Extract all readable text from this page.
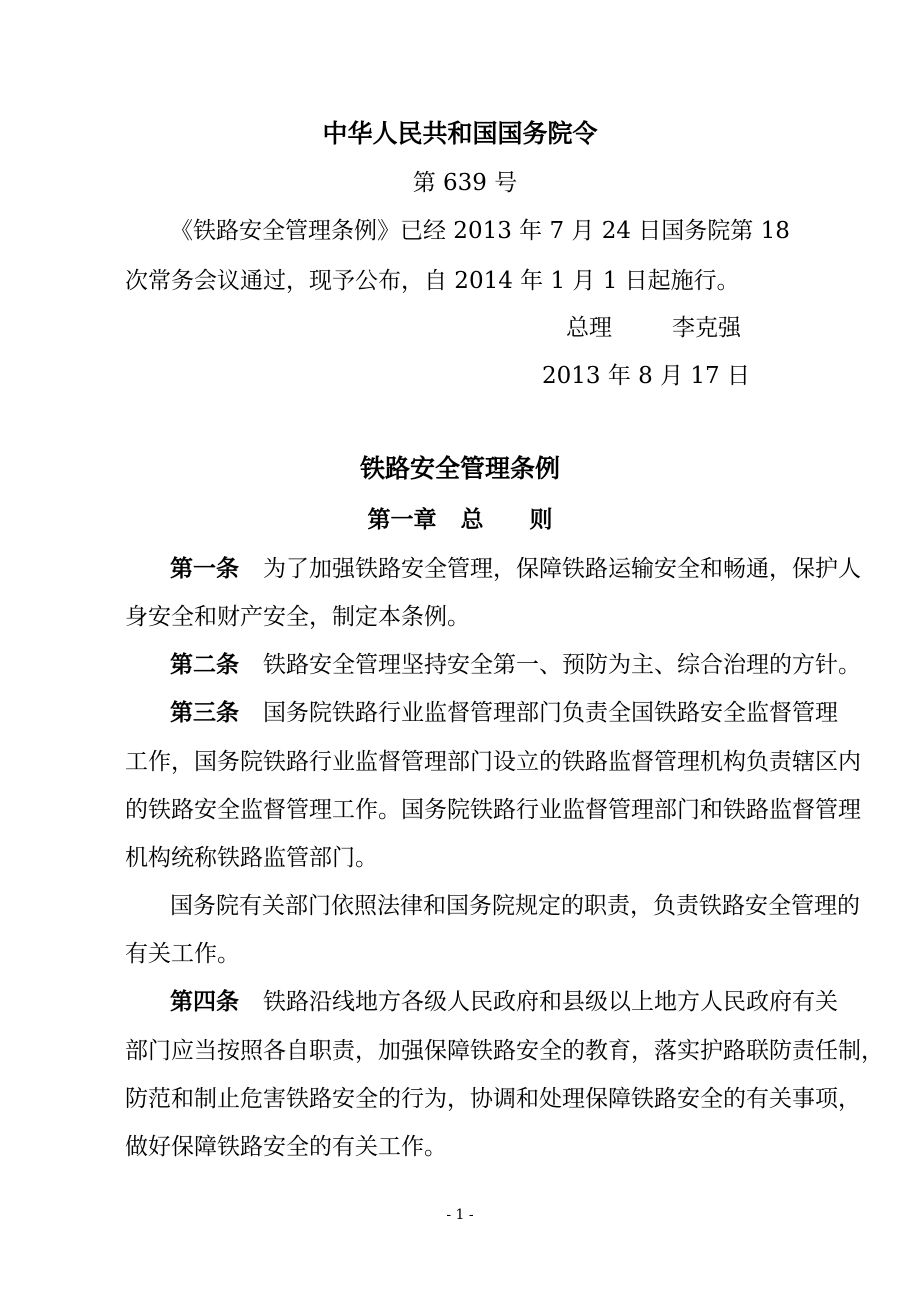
中华人民共和国国务院令
第 639 号
《铁路安全管理条例》已经 2013 年 7 月 24 日国务院第 18
次常务会议通过，现予公布，自 2014 年 1 月 1 日起施行。
总理	李克强
2013 年 8 月 17 日
铁路安全管理条例
第一章 总　　则
第一条 为了加强铁路安全管理，保障铁路运输安全和畅通，保护人
身安全和财产安全，制定本条例。
第二条 铁路安全管理坚持安全第一、预防为主、综合治理的方针。
第三条 国务院铁路行业监督管理部门负责全国铁路安全监督管理
工作，国务院铁路行业监督管理部门设立的铁路监督管理机构负责辖区内
的铁路安全监督管理工作。国务院铁路行业监督管理部门和铁路监督管理
机构统称铁路监管部门。
国务院有关部门依照法律和国务院规定的职责，负责铁路安全管理的
有关工作。
第四条 铁路沿线地方各级人民政府和县级以上地方人民政府有关
部门应当按照各自职责，加强保障铁路安全的教育，落实护路联防责任制，
防范和制止危害铁路安全的行为，协调和处理保障铁路安全的有关事项，
做好保障铁路安全的有关工作。
- 1 -
